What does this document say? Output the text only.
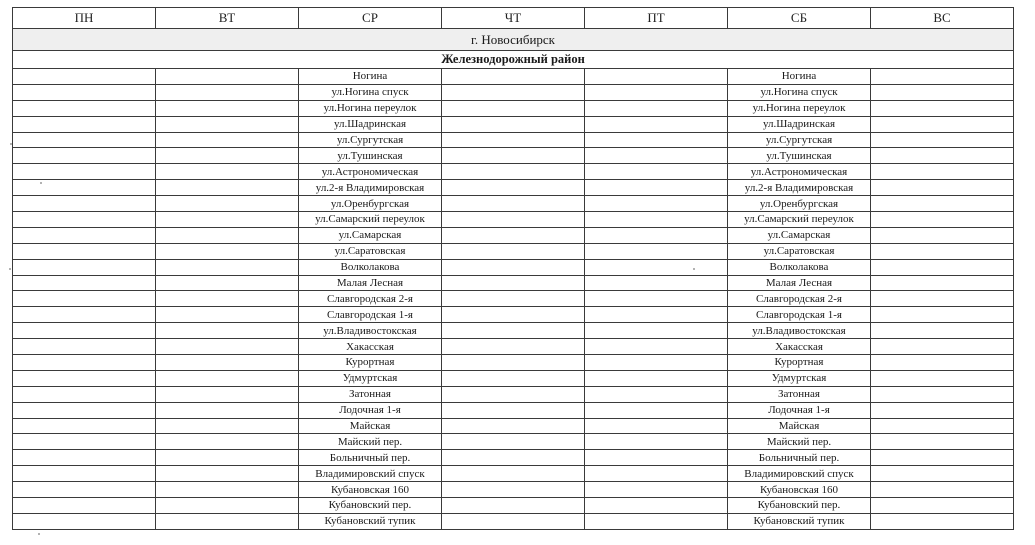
ПН	ВТ	СР	ЧТ	ПТ	СБ	ВС
г. Новосибирск						
Железнодорожный район						
		Ногина			Ногина	
		ул.Ногина спуск			ул.Ногина спуск	
		ул.Ногина переулок			ул.Ногина переулок	
		ул.Шадринская			ул.Шадринская	
		ул.Сургутская			ул.Сургутская	
		ул.Тушинская			ул.Тушинская	
		ул.Астрономическая			ул.Астрономическая	
		ул.2-я Владимировская			ул.2-я Владимировская	
		ул.Оренбургская			ул.Оренбургская	
		ул.Самарский переулок			ул.Самарский переулок	
		ул.Самарская			ул.Самарская	
		ул.Саратовская			ул.Саратовская	
		Волколакова			Волколакова	
		Малая Лесная			Малая Лесная	
		Славгородская 2-я			Славгородская 2-я	
		Славгородская 1-я			Славгородская 1-я	
		ул.Владивостокская			ул.Владивостокская	
		Хакасская			Хакасская	
		Курортная			Курортная	
		Удмуртская			Удмуртская	
		Затонная			Затонная	
		Лодочная 1-я			Лодочная 1-я	
		Майская			Майская	
		Майский пер.			Майский пер.	
		Больничный пер.			Больничный пер.	
		Владимировский спуск			Владимировский спуск	
		Кубановская 160			Кубановская 160	
		Кубановский пер.			Кубановский пер.	
		Кубановский тупик			Кубановский тупик	
